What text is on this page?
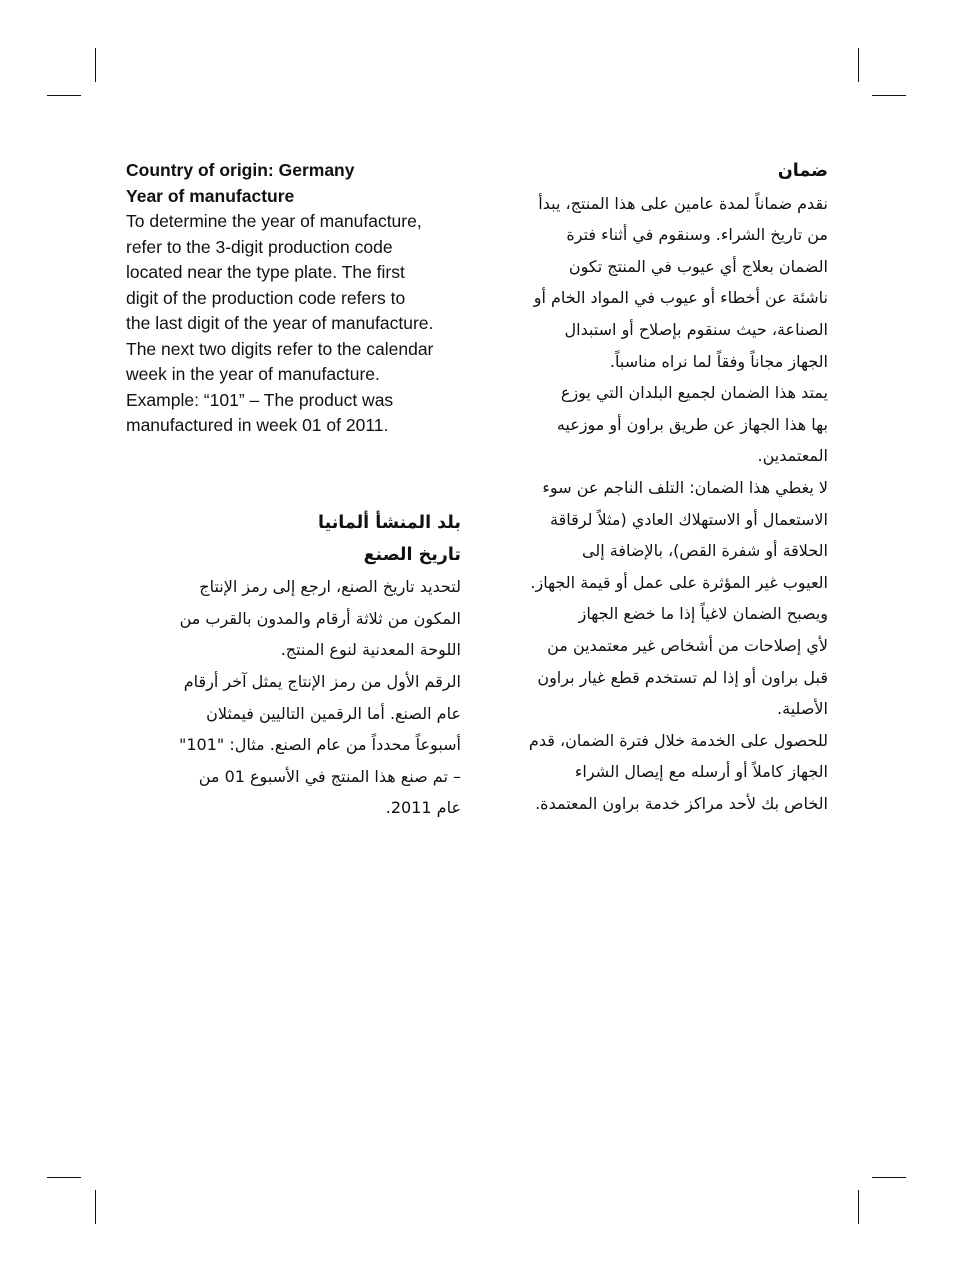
Country of origin: Germany
Year of manufacture
To determine the year of manufacture,
refer to the 3-digit production code
located near the type plate. The first
digit of the production code refers to
the last digit of the year of manufacture.
The next two digits refer to the calendar
week in the year of manufacture.
Example: “101” – The product was
manufactured in week 01 of 2011.
ضمان
نقدم ضماناً لمدة عامين على هذا المنتج، يبدأ
من تاريخ الشراء. وسنقوم في أثناء فترة
الضمان بعلاج أي عيوب في المنتج تكون
ناشئة عن أخطاء أو عيوب في المواد الخام أو
الصناعة، حيث سنقوم بإصلاح أو استبدال
الجهاز مجاناً وفقاً لما نراه مناسباً.
يمتد هذا الضمان لجميع البلدان التي يوزع
بها هذا الجهاز عن طريق براون أو موزعيه
المعتمدين.
لا يغطي هذا الضمان: التلف الناجم عن سوء
الاستعمال أو الاستهلاك العادي (مثلاً لرقاقة
الحلاقة أو شفرة القص)، بالإضافة إلى
العيوب غير المؤثرة على عمل أو قيمة الجهاز.
ويصبح الضمان لاغياً إذا ما خضع الجهاز
لأي إصلاحات من أشخاص غير معتمدين من
قبل براون أو إذا لم تستخدم قطع غيار براون
الأصلية.
للحصول على الخدمة خلال فترة الضمان، قدم
الجهاز كاملاً أو أرسله مع إيصال الشراء
الخاص بك لأحد مراكز خدمة براون المعتمدة.
بلد المنشأ ألمانيا
تاريخ الصنع
لتحديد تاريخ الصنع، ارجع إلى رمز الإنتاج
المكون من ثلاثة أرقام والمدون بالقرب من
اللوحة المعدنية لنوع المنتج.
الرقم الأول من رمز الإنتاج يمثل آخر أرقام
عام الصنع. أما الرقمين التاليين فيمثلان
أسبوعاً محدداً من عام الصنع. مثال: "101"
– تم صنع هذا المنتج في الأسبوع 01 من
عام 2011.
